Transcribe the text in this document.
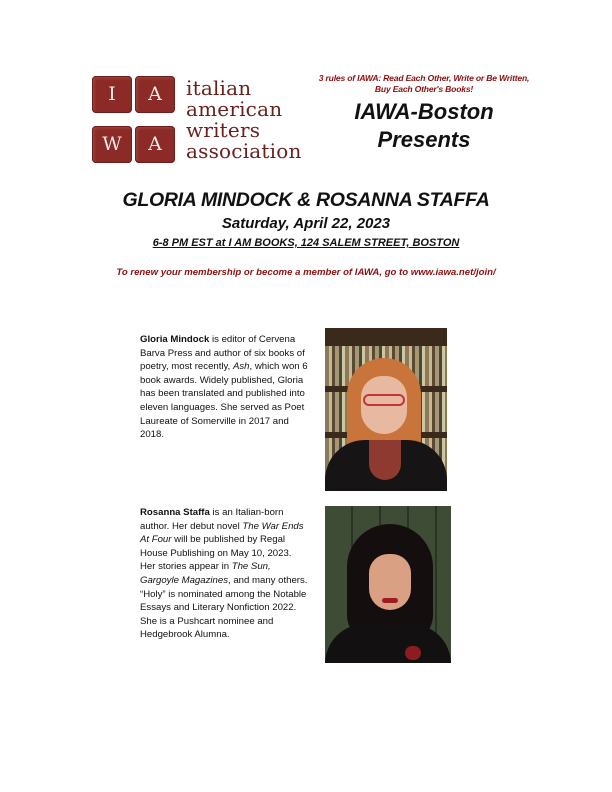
I	A
W	A
italian
american
writers
association
3 rules of IAWA: Read Each Other, Write or Be Written, Buy Each Other's Books!
IAWA-Boston
Presents
GLORIA MINDOCK & ROSANNA STAFFA
Saturday, April 22, 2023
6-8 PM EST at I AM BOOKS, 124 SALEM STREET, BOSTON
To renew your membership or become a member of IAWA, go to www.iawa.net/join/
Gloria Mindock is editor of Cervena Barva Press and author of six books of poetry, most recently, Ash, which won 6 book awards. Widely published, Gloria has been translated and published into eleven languages. She served as Poet Laureate of Somerville in 2017 and 2018.
Rosanna Staffa is an Italian-born author. Her debut novel The War Ends At Four will be published by Regal House Publishing on May 10, 2023. Her stories appear in The Sun, Gargoyle Magazines, and many others. “Holy” is nominated among the Notable Essays and Literary Nonfiction 2022. She is a Pushcart nominee and Hedgebrook Alumna.
